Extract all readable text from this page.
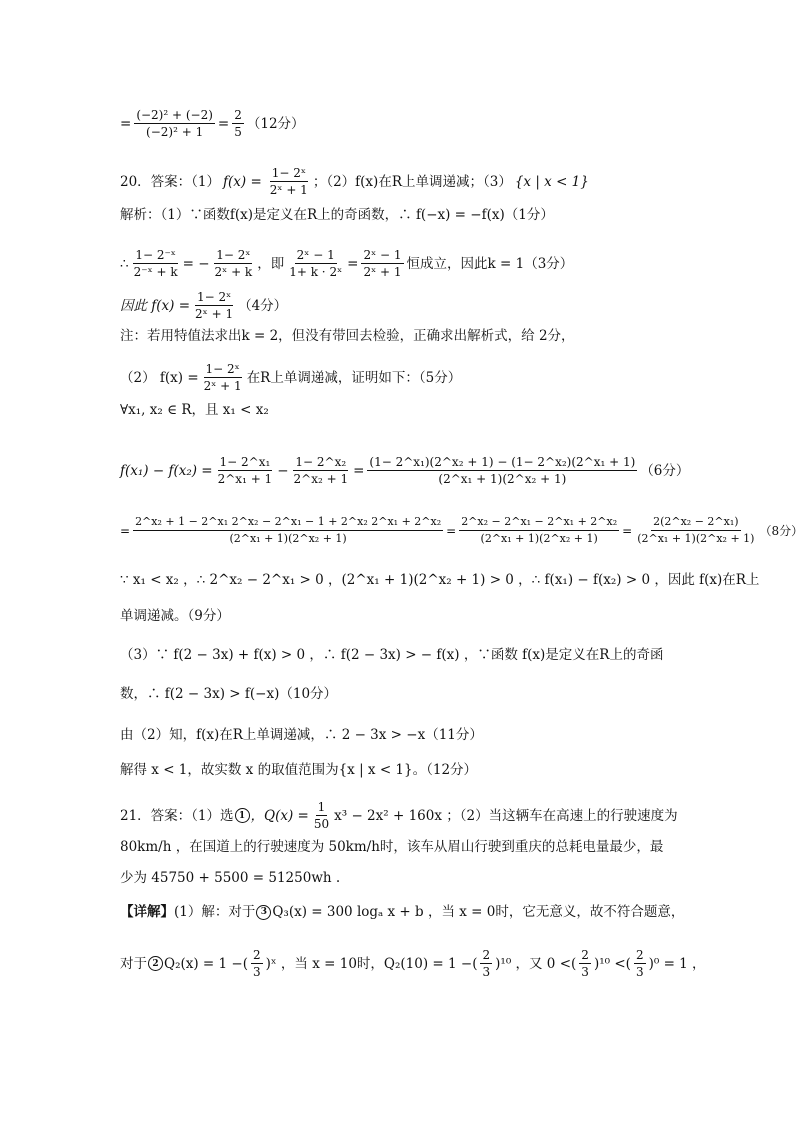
= $\frac{\text{(−2)² + (−2)}}{\text{(−2)² + 1}} = \frac{2}{5} (12$分）
20．答案：（1） $f(x) = \frac{\text{1− 2ˣ}}{\text{2ˣ + 1}}$ ；（2） f(x)在R上单调递减；（3） {x | x < 1}
解析：（1）∵函数f(x)是定义在R上的奇函数，∴ f(−x) = −f(x)（1分）
∴ $\frac{\text{1− 2⁻ˣ}}{\text{2⁻ˣ + k}}$ = − $\frac{\text{1− 2ˣ}}{\text{2ˣ + k}}$ ，即 $\frac{\text{2ˣ − 1}}{\text{1+ k · 2ˣ}} = \frac{\text{2ˣ − 1}}{\text{2ˣ + 1}}$ 恒成立，因此k = 1（3分）
因此 $f(x) = \frac{\text{1− 2ˣ}}{\text{2ˣ + 1}} (4$分）
注：若用特值法求出k = 2，但没有带回去检验，正确求出解析式，给 2分，
（2） $f(x) = \frac{\text{1− 2ˣ}}{\text{2ˣ + 1}}$ 在R上单调递减，证明如下：（5分）
∀x₁, x₂ ∈ R，且 x₁ < x₂
$f(x_1) - f(x_2) = \frac{\text{1− 2\textasciicircum{}x₁}}{\text{2\textasciicircum{}x₁ + 1}} - \frac{\text{1− 2\textasciicircum{}x₂}}{\text{2\textasciicircum{}x₂ + 1}} = \frac{\text{(1− 2\textasciicircum{}x₁)(2\textasciicircum{}x₂ + 1) − (1− 2\textasciicircum{}x₂)(2\textasciicircum{}x₁ + 1)}}{\text{(2\textasciicircum{}x₁ + 1)(2\textasciicircum{}x₂ + 1)}} (6$分）
= $\frac{\text{2\textasciicircum{}x₂ + 1 − 2\textasciicircum{}x₁ 2\textasciicircum{}x₂ − 2\textasciicircum{}x₁ − 1 + 2\textasciicircum{}x₂ 2\textasciicircum{}x₁ + 2\textasciicircum{}x₂}}{\text{(2\textasciicircum{}x₁ + 1)(2\textasciicircum{}x₂ + 1)}} = \frac{\text{2\textasciicircum{}x₂ − 2\textasciicircum{}x₁ − 2\textasciicircum{}x₁ + 2\textasciicircum{}x₂}}{\text{(2\textasciicircum{}x₁ + 1)(2\textasciicircum{}x₂ + 1)}} = \frac{\text{2(2\textasciicircum{}x₂ − 2\textasciicircum{}x₁)}}{\text{(2\textasciicircum{}x₁ + 1)(2\textasciicircum{}x₂ + 1)}} (8$分）
∵ x₁ < x₂ ，∴ 2^x₂ − 2^x₁ > 0 ，(2^x₁ + 1)(2^x₂ + 1) > 0 ，∴ f(x₁) − f(x₂) > 0 ，因此 f(x)在R上
单调递减。（9分）
（3）∵ f(2 − 3x) + f(x) > 0 ，∴ f(2 − 3x) > − f(x) ，∵函数 f(x)是定义在R上的奇函
数，∴ f(2 − 3x) > f(−x)（10分）
由（2）知，f(x)在R上单调递减，∴ 2 − 3x > −x（11分）
解得 x < 1，故实数 x 的取值范围为{x | x < 1}。（12分）
21．答案：（1）选 1 ，$Q(x) = \frac{1}{50} x^3 - 2x^2 + 160x$ ；（2）当这辆车在高速上的行驶速度为
80km/h ，在国道上的行驶速度为 50km/h时，该车从眉山行驶到重庆的总耗电量最少，最
少为 45750 + 5500 = 51250wh .
【详解】 (1）解：对于 3 Q₃(x) = 300 logₐ x + b ，当 x = 0时，它无意义，故不符合题意，
对于 2 Q₂(x) = 1 − ( $\frac{2}{3}$ ) ˣ ，当 x = 10时，Q₂(10) = 1 − ( $\frac{2}{3}$ ) ¹⁰ ，又 0 < ( $\frac{2}{3}$ ) ¹⁰ < ( $\frac{2}{3}$ ) ⁰ = 1 ，
